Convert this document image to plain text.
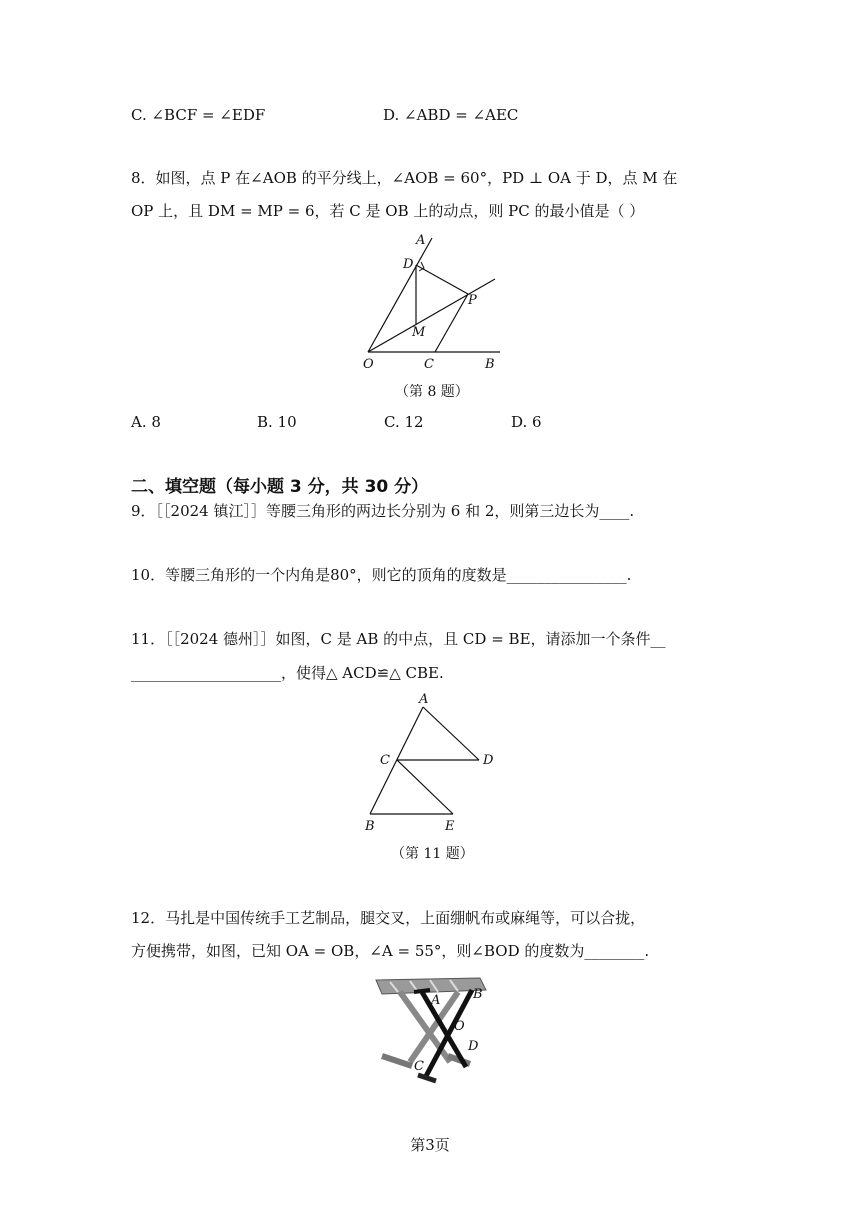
C. ∠BCF = ∠EDF	D. ∠ABD = ∠AEC
8．如图，点 P 在∠AOB 的平分线上，∠AOB = 60°，PD ⊥ OA 于 D，点 M 在
OP 上，且 DM = MP = 6，若 C 是 OB 上的动点，则 PC 的最小值是（ ）
A
D
P
M
O	C	B
（第 8 题）
A. 8	B. 10	C. 12	D. 6
二、填空题（每小题 3 分，共 30 分）
9．［［2024 镇江］］等腰三角形的两边长分别为 6 和 2，则第三边长为____.
10．等腰三角形的一个内角是80°，则它的顶角的度数是________________.
11．［［2024 德州］］如图，C 是 AB 的中点，且 CD = BE，请添加一个条件__
____________________，使得△ ACD≌△ CBE.
A
C	D
B	E
（第 11 题）
12．马扎是中国传统手工艺制品，腿交叉，上面绷帆布或麻绳等，可以合拢，
方便携带，如图，已知 OA = OB，∠A = 55°，则∠BOD 的度数为________.
A	B
O
D
C
第3页
